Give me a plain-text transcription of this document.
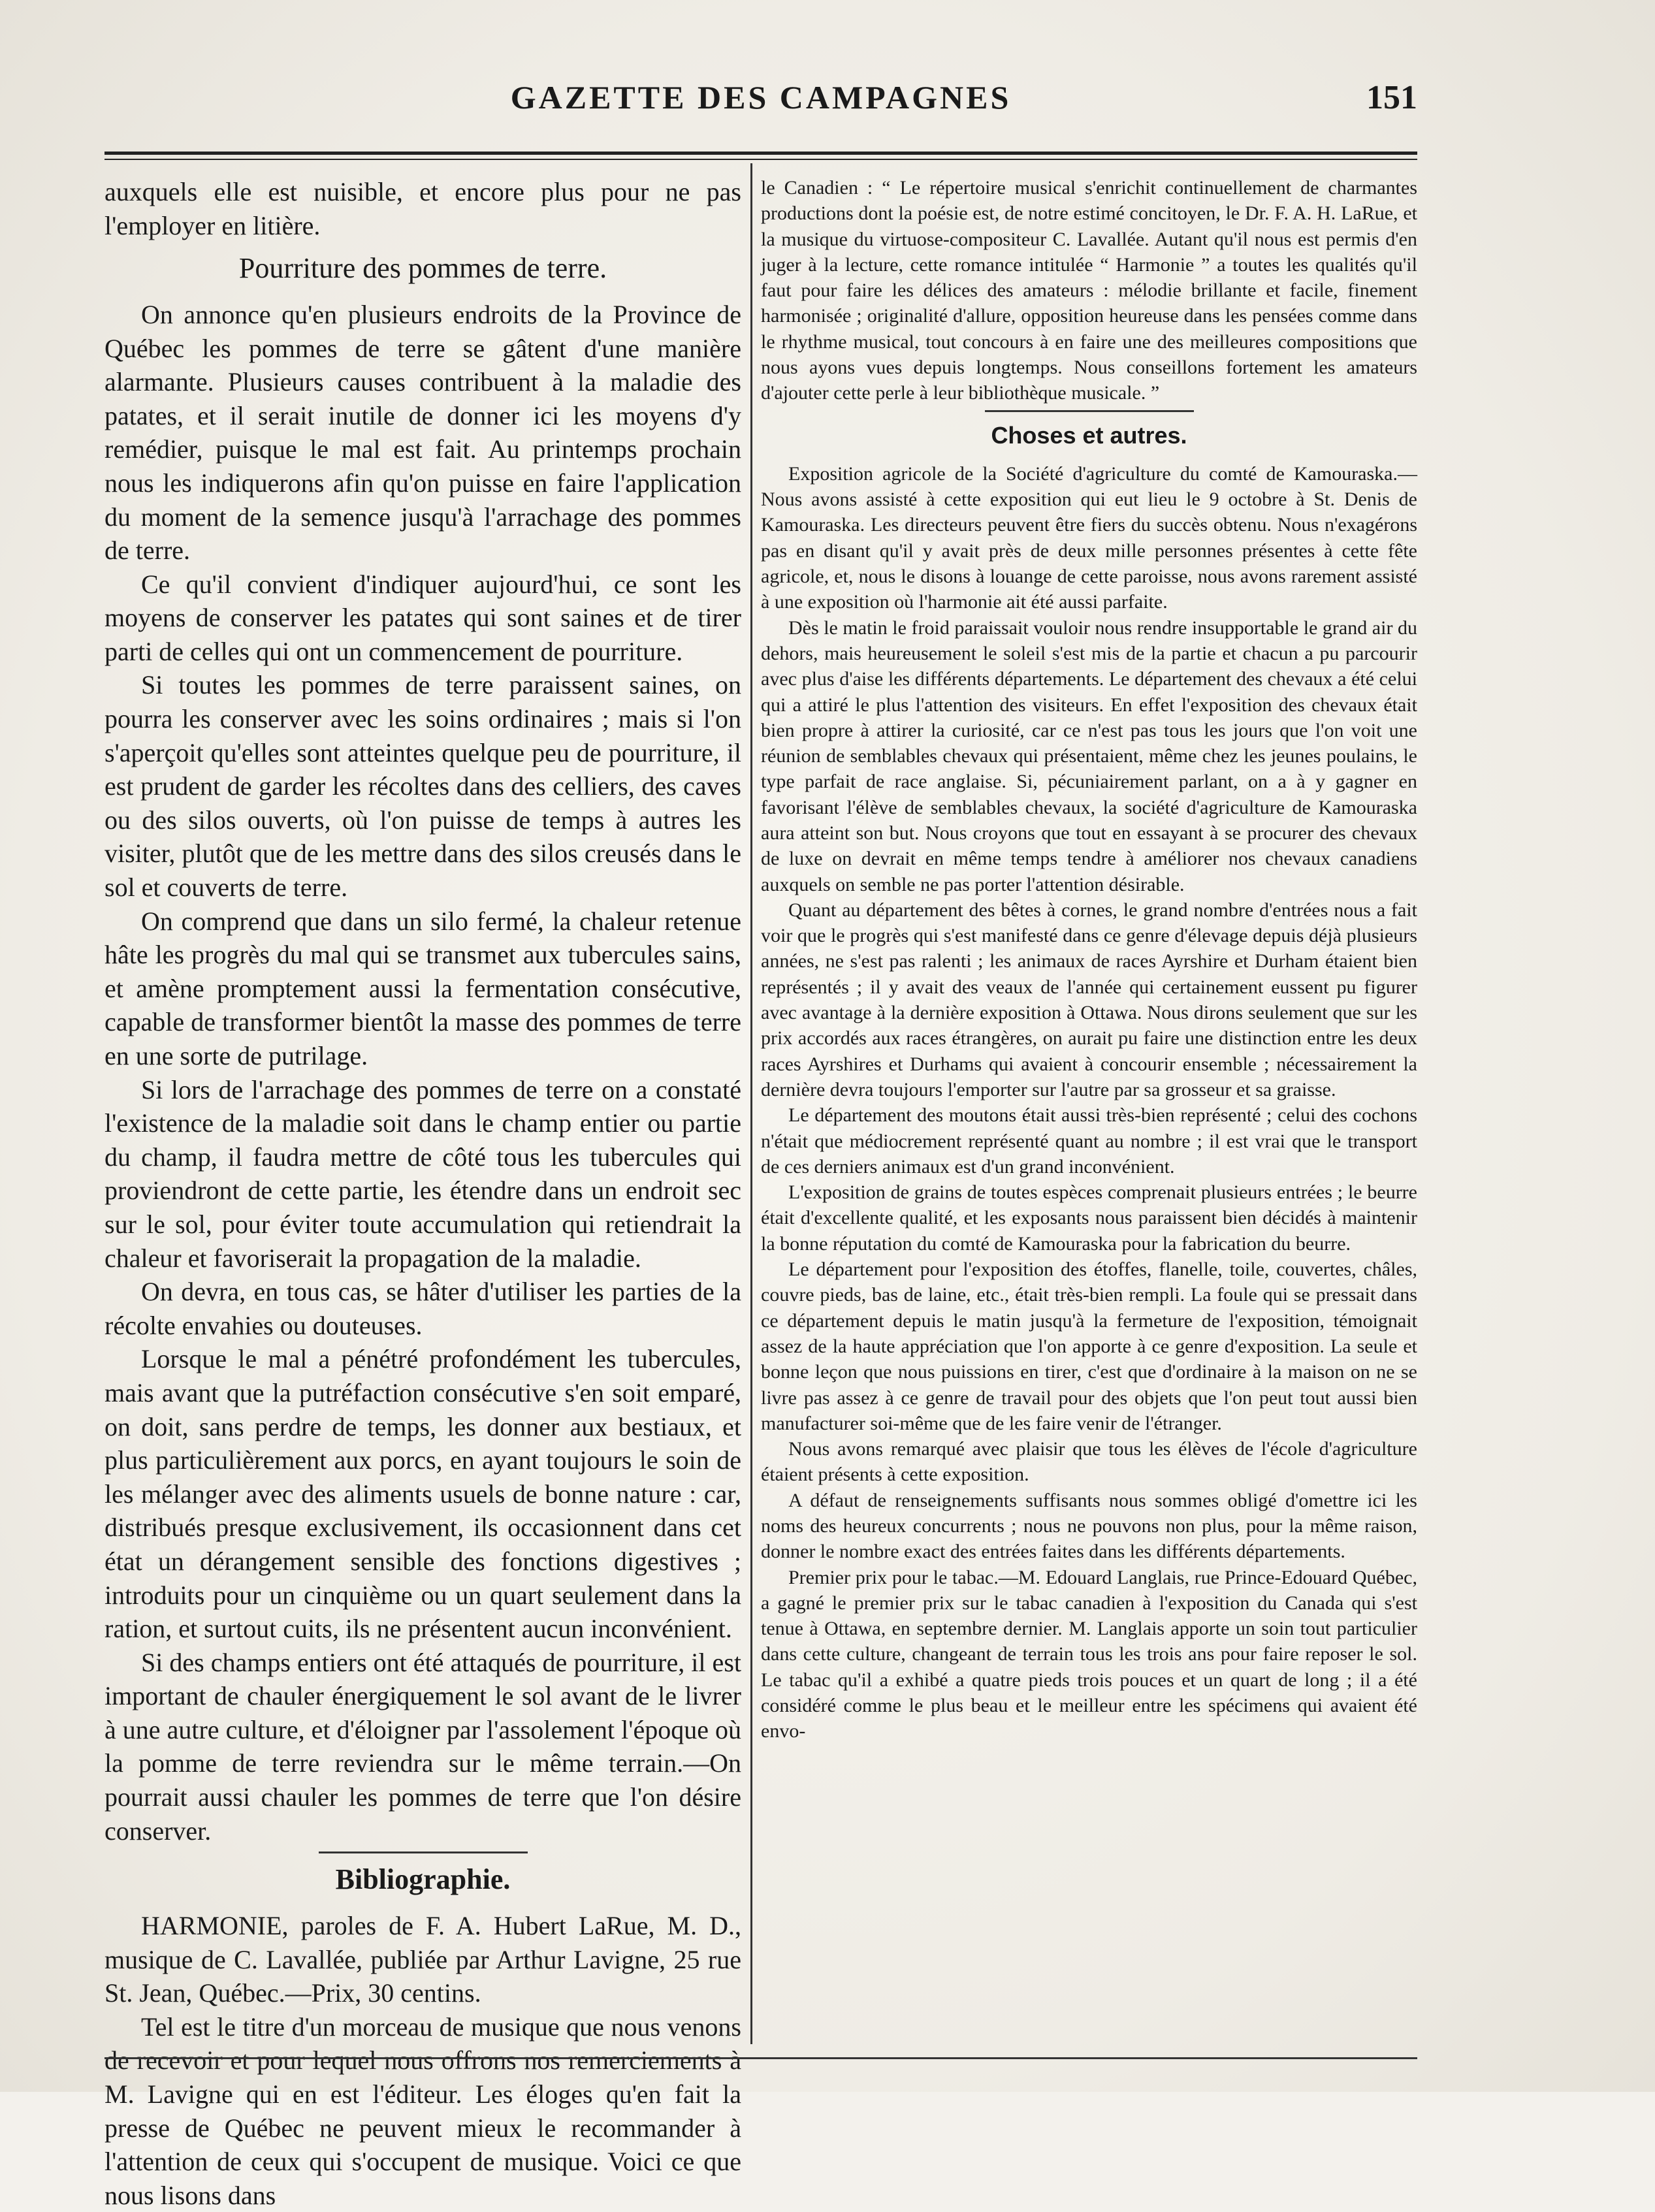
GAZETTE DES CAMPAGNES	151

auxquels elle est nuisible, et encore plus pour ne pas l'employer en litière.

Pourriture des pommes de terre.

On annonce qu'en plusieurs endroits de la Province de Québec les pommes de terre se gâtent d'une manière alarmante. Plusieurs causes contribuent à la maladie des patates, et il serait inutile de donner ici les moyens d'y remédier, puisque le mal est fait. Au printemps prochain nous les indiquerons afin qu'on puisse en faire l'application du moment de la semence jusqu'à l'arrachage des pommes de terre.

Ce qu'il convient d'indiquer aujourd'hui, ce sont les moyens de conserver les patates qui sont saines et de tirer parti de celles qui ont un commencement de pourriture.

Si toutes les pommes de terre paraissent saines, on pourra les conserver avec les soins ordinaires ; mais si l'on s'aperçoit qu'elles sont atteintes quelque peu de pourriture, il est prudent de garder les récoltes dans des celliers, des caves ou des silos ouverts, où l'on puisse de temps à autres les visiter, plutôt que de les mettre dans des silos creusés dans le sol et couverts de terre.

On comprend que dans un silo fermé, la chaleur retenue hâte les progrès du mal qui se transmet aux tubercules sains, et amène promptement aussi la fermentation consécutive, capable de transformer bientôt la masse des pommes de terre en une sorte de putrilage.

Si lors de l'arrachage des pommes de terre on a constaté l'existence de la maladie soit dans le champ entier ou partie du champ, il faudra mettre de côté tous les tubercules qui proviendront de cette partie, les étendre dans un endroit sec sur le sol, pour éviter toute accumulation qui retiendrait la chaleur et favoriserait la propagation de la maladie.

On devra, en tous cas, se hâter d'utiliser les parties de la récolte envahies ou douteuses.

Lorsque le mal a pénétré profondément les tubercules, mais avant que la putréfaction consécutive s'en soit emparé, on doit, sans perdre de temps, les donner aux bestiaux, et plus particulièrement aux porcs, en ayant toujours le soin de les mélanger avec des aliments usuels de bonne nature : car, distribués presque exclusivement, ils occasionnent dans cet état un dérangement sensible des fonctions digestives ; introduits pour un cinquième ou un quart seulement dans la ration, et surtout cuits, ils ne présentent aucun inconvénient.

Si des champs entiers ont été attaqués de pourriture, il est important de chauler énergiquement le sol avant de le livrer à une autre culture, et d'éloigner par l'assolement l'époque où la pomme de terre reviendra sur le même terrain.—On pourrait aussi chauler les pommes de terre que l'on désire conserver.

Bibliographie.

HARMONIE, paroles de F. A. Hubert LaRue, M. D., musique de C. Lavallée, publiée par Arthur Lavigne, 25 rue St. Jean, Québec.—Prix, 30 centins.

Tel est le titre d'un morceau de musique que nous venons de recevoir et pour lequel nous offrons nos remerciements à M. Lavigne qui en est l'éditeur. Les éloges qu'en fait la presse de Québec ne peuvent mieux le recommander à l'attention de ceux qui s'occupent de musique. Voici ce que nous lisons dans

le Canadien : “ Le répertoire musical s'enrichit continuellement de charmantes productions dont la poésie est, de notre estimé concitoyen, le Dr. F. A. H. LaRue, et la musique du virtuose-compositeur C. Lavallée. Autant qu'il nous est permis d'en juger à la lecture, cette romance intitulée “ Harmonie ” a toutes les qualités qu'il faut pour faire les délices des amateurs : mélodie brillante et facile, finement harmonisée ; originalité d'allure, opposition heureuse dans les pensées comme dans le rhythme musical, tout concours à en faire une des meilleures compositions que nous ayons vues depuis longtemps. Nous conseillons fortement les amateurs d'ajouter cette perle à leur bibliothèque musicale. ”

Choses et autres.

Exposition agricole de la Société d'agriculture du comté de Kamouraska.—Nous avons assisté à cette exposition qui eut lieu le 9 octobre à St. Denis de Kamouraska. Les directeurs peuvent être fiers du succès obtenu. Nous n'exagérons pas en disant qu'il y avait près de deux mille personnes présentes à cette fête agricole, et, nous le disons à louange de cette paroisse, nous avons rarement assisté à une exposition où l'harmonie ait été aussi parfaite.

Dès le matin le froid paraissait vouloir nous rendre insupportable le grand air du dehors, mais heureusement le soleil s'est mis de la partie et chacun a pu parcourir avec plus d'aise les différents départements. Le département des chevaux a été celui qui a attiré le plus l'attention des visiteurs. En effet l'exposition des chevaux était bien propre à attirer la curiosité, car ce n'est pas tous les jours que l'on voit une réunion de semblables chevaux qui présentaient, même chez les jeunes poulains, le type parfait de race anglaise. Si, pécuniairement parlant, on a à y gagner en favorisant l'élève de semblables chevaux, la société d'agriculture de Kamouraska aura atteint son but. Nous croyons que tout en essayant à se procurer des chevaux de luxe on devrait en même temps tendre à améliorer nos chevaux canadiens auxquels on semble ne pas porter l'attention désirable.

Quant au département des bêtes à cornes, le grand nombre d'entrées nous a fait voir que le progrès qui s'est manifesté dans ce genre d'élevage depuis déjà plusieurs années, ne s'est pas ralenti ; les animaux de races Ayrshire et Durham étaient bien représentés ; il y avait des veaux de l'année qui certainement eussent pu figurer avec avantage à la dernière exposition à Ottawa. Nous dirons seulement que sur les prix accordés aux races étrangères, on aurait pu faire une distinction entre les deux races Ayrshires et Durhams qui avaient à concourir ensemble ; nécessairement la dernière devra toujours l'emporter sur l'autre par sa grosseur et sa graisse.

Le département des moutons était aussi très-bien représenté ; celui des cochons n'était que médiocrement représenté quant au nombre ; il est vrai que le transport de ces derniers animaux est d'un grand inconvénient.

L'exposition de grains de toutes espèces comprenait plusieurs entrées ; le beurre était d'excellente qualité, et les exposants nous paraissent bien décidés à maintenir la bonne réputation du comté de Kamouraska pour la fabrication du beurre.

Le département pour l'exposition des étoffes, flanelle, toile, couvertes, châles, couvre pieds, bas de laine, etc., était très-bien rempli. La foule qui se pressait dans ce département depuis le matin jusqu'à la fermeture de l'exposition, témoignait assez de la haute appréciation que l'on apporte à ce genre d'exposition. La seule et bonne leçon que nous puissions en tirer, c'est que d'ordinaire à la maison on ne se livre pas assez à ce genre de travail pour des objets que l'on peut tout aussi bien manufacturer soi-même que de les faire venir de l'étranger.

Nous avons remarqué avec plaisir que tous les élèves de l'école d'agriculture étaient présents à cette exposition.

A défaut de renseignements suffisants nous sommes obligé d'omettre ici les noms des heureux concurrents ; nous ne pouvons non plus, pour la même raison, donner le nombre exact des entrées faites dans les différents départements.

Premier prix pour le tabac.—M. Edouard Langlais, rue Prince-Edouard Québec, a gagné le premier prix sur le tabac canadien à l'exposition du Canada qui s'est tenue à Ottawa, en septembre dernier. M. Langlais apporte un soin tout particulier dans cette culture, changeant de terrain tous les trois ans pour faire reposer le sol. Le tabac qu'il a exhibé a quatre pieds trois pouces et un quart de long ; il a été considéré comme le plus beau et le meilleur entre les spécimens qui avaient été envo-
